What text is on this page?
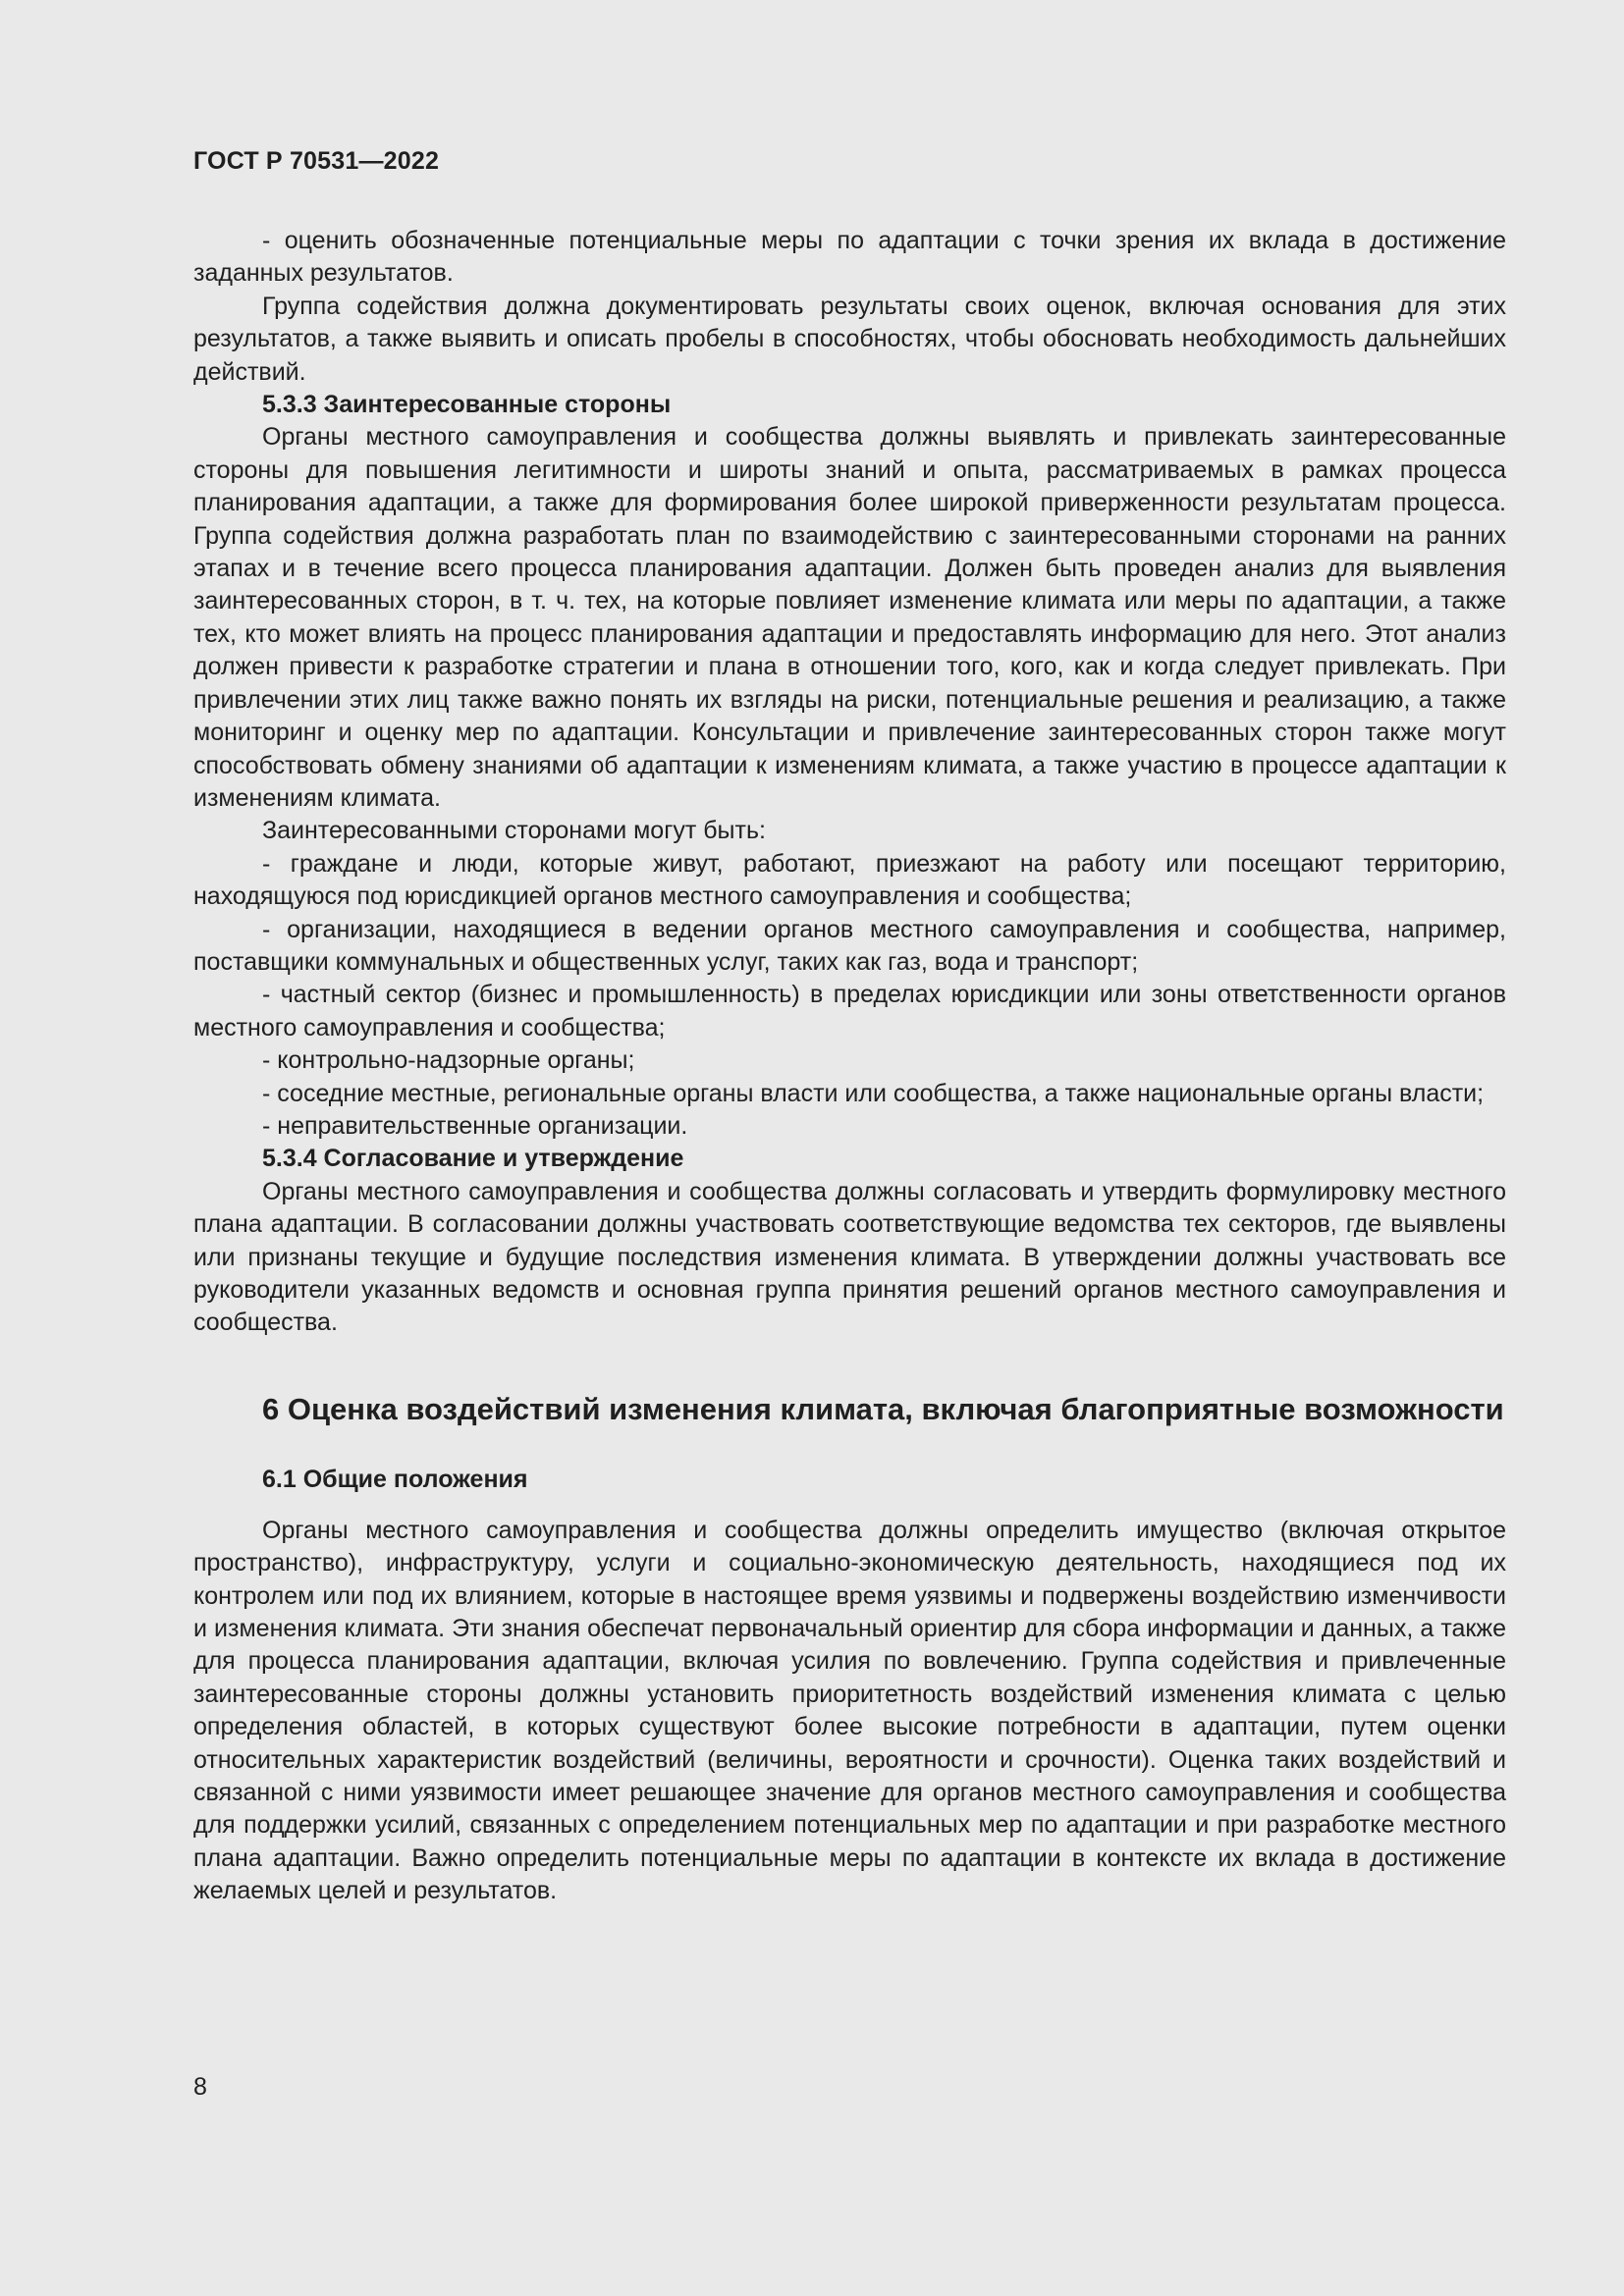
ГОСТ Р 70531—2022

- оценить обозначенные потенциальные меры по адаптации с точки зрения их вклада в достижение заданных результатов.

Группа содействия должна документировать результаты своих оценок, включая основания для этих результатов, а также выявить и описать пробелы в способностях, чтобы обосновать необходимость дальнейших действий.

5.3.3 Заинтересованные стороны

Органы местного самоуправления и сообщества должны выявлять и привлекать заинтересованные стороны для повышения легитимности и широты знаний и опыта, рассматриваемых в рамках процесса планирования адаптации, а также для формирования более широкой приверженности результатам процесса. Группа содействия должна разработать план по взаимодействию с заинтересованными сторонами на ранних этапах и в течение всего процесса планирования адаптации. Должен быть проведен анализ для выявления заинтересованных сторон, в т. ч. тех, на которые повлияет изменение климата или меры по адаптации, а также тех, кто может влиять на процесс планирования адаптации и предоставлять информацию для него. Этот анализ должен привести к разработке стратегии и плана в отношении того, кого, как и когда следует привлекать. При привлечении этих лиц также важно понять их взгляды на риски, потенциальные решения и реализацию, а также мониторинг и оценку мер по адаптации. Консультации и привлечение заинтересованных сторон также могут способствовать обмену знаниями об адаптации к изменениям климата, а также участию в процессе адаптации к изменениям климата.

Заинтересованными сторонами могут быть:

- граждане и люди, которые живут, работают, приезжают на работу или посещают территорию, находящуюся под юрисдикцией органов местного самоуправления и сообщества;

- организации, находящиеся в ведении органов местного самоуправления и сообщества, например, поставщики коммунальных и общественных услуг, таких как газ, вода и транспорт;

- частный сектор (бизнес и промышленность) в пределах юрисдикции или зоны ответственности органов местного самоуправления и сообщества;

- контрольно-надзорные органы;

- соседние местные, региональные органы власти или сообщества, а также национальные органы власти;

- неправительственные организации.

5.3.4 Согласование и утверждение

Органы местного самоуправления и сообщества должны согласовать и утвердить формулировку местного плана адаптации. В согласовании должны участвовать соответствующие ведомства тех секторов, где выявлены или признаны текущие и будущие последствия изменения климата. В утверждении должны участвовать все руководители указанных ведомств и основная группа принятия решений органов местного самоуправления и сообщества.

6 Оценка воздействий изменения климата, включая благоприятные возможности
6.1 Общие положения

Органы местного самоуправления и сообщества должны определить имущество (включая открытое пространство), инфраструктуру, услуги и социально-экономическую деятельность, находящиеся под их контролем или под их влиянием, которые в настоящее время уязвимы и подвержены воздействию изменчивости и изменения климата. Эти знания обеспечат первоначальный ориентир для сбора информации и данных, а также для процесса планирования адаптации, включая усилия по вовлечению. Группа содействия и привлеченные заинтересованные стороны должны установить приоритетность воздействий изменения климата с целью определения областей, в которых существуют более высокие потребности в адаптации, путем оценки относительных характеристик воздействий (величины, вероятности и срочности). Оценка таких воздействий и связанной с ними уязвимости имеет решающее значение для органов местного самоуправления и сообщества для поддержки усилий, связанных с определением потенциальных мер по адаптации и при разработке местного плана адаптации. Важно определить потенциальные меры по адаптации в контексте их вклада в достижение желаемых целей и результатов.

8
